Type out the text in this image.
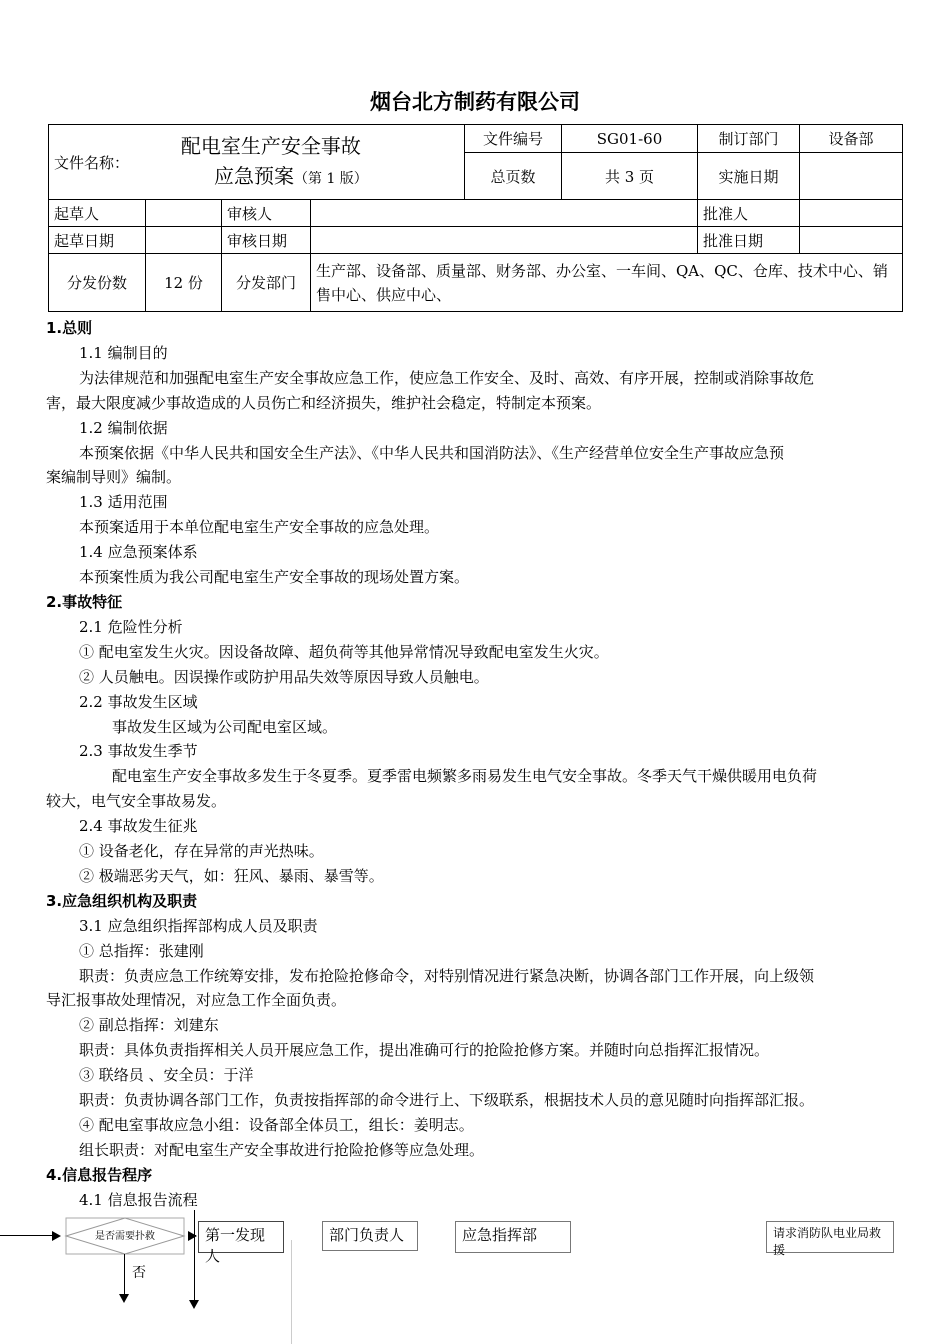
烟台北方制药有限公司
文件名称：
配电室生产安全事故
应急预案（第 1 版）				文件编号	SG01-60	制订部门	设备部
				总页数	共 3 页	实施日期	
起草人		审核人				批准人	
起草日期		审核日期				批准日期	
分发份数	12 份	分发部门	生产部、设备部、质量部、财务部、办公室、一车间、QA、QC、仓库、技术中心、销售中心、供应中心、				
1.总则
1.1 编制目的
为法律规范和加强配电室生产安全事故应急工作，使应急工作安全、及时、高效、有序开展，控制或消除事故危
害，最大限度减少事故造成的人员伤亡和经济损失，维护社会稳定，特制定本预案。
1.2 编制依据
本预案依据《中华人民共和国安全生产法》、《中华人民共和国消防法》、《生产经营单位安全生产事故应急预
案编制导则》编制。
1.3 适用范围
本预案适用于本单位配电室生产安全事故的应急处理。
1.4 应急预案体系
本预案性质为我公司配电室生产安全事故的现场处置方案。
2.事故特征
2.1 危险性分析
① 配电室发生火灾。因设备故障、超负荷等其他异常情况导致配电室发生火灾。
② 人员触电。因误操作或防护用品失效等原因导致人员触电。
2.2 事故发生区域
事故发生区域为公司配电室区域。
2.3 事故发生季节
配电室生产安全事故多发生于冬夏季。夏季雷电频繁多雨易发生电气安全事故。冬季天气干燥供暖用电负荷
较大，电气安全事故易发。
2.4 事故发生征兆
① 设备老化，存在异常的声光热味。
② 极端恶劣天气，如：狂风、暴雨、暴雪等。
3.应急组织机构及职责
3.1 应急组织指挥部构成人员及职责
① 总指挥：张建刚
职责：负责应急工作统筹安排，发布抢险抢修命令，对特别情况进行紧急决断，协调各部门工作开展，向上级领
导汇报事故处理情况，对应急工作全面负责。
② 副总指挥：刘建东
职责：具体负责指挥相关人员开展应急工作，提出准确可行的抢险抢修方案。并随时向总指挥汇报情况。
③ 联络员 、安全员：于洋
职责：负责协调各部门工作，负责按指挥部的命令进行上、下级联系，根据技术人员的意见随时向指挥部汇报。
④ 配电室事故应急小组：设备部全体员工，组长：姜明志。
组长职责：对配电室生产安全事故进行抢险抢修等应急处理。
4.信息报告程序
4.1 信息报告流程
是否需要扑救	第一发现人
部门负责人	应急指挥部	请求消防队电业局救援
否
